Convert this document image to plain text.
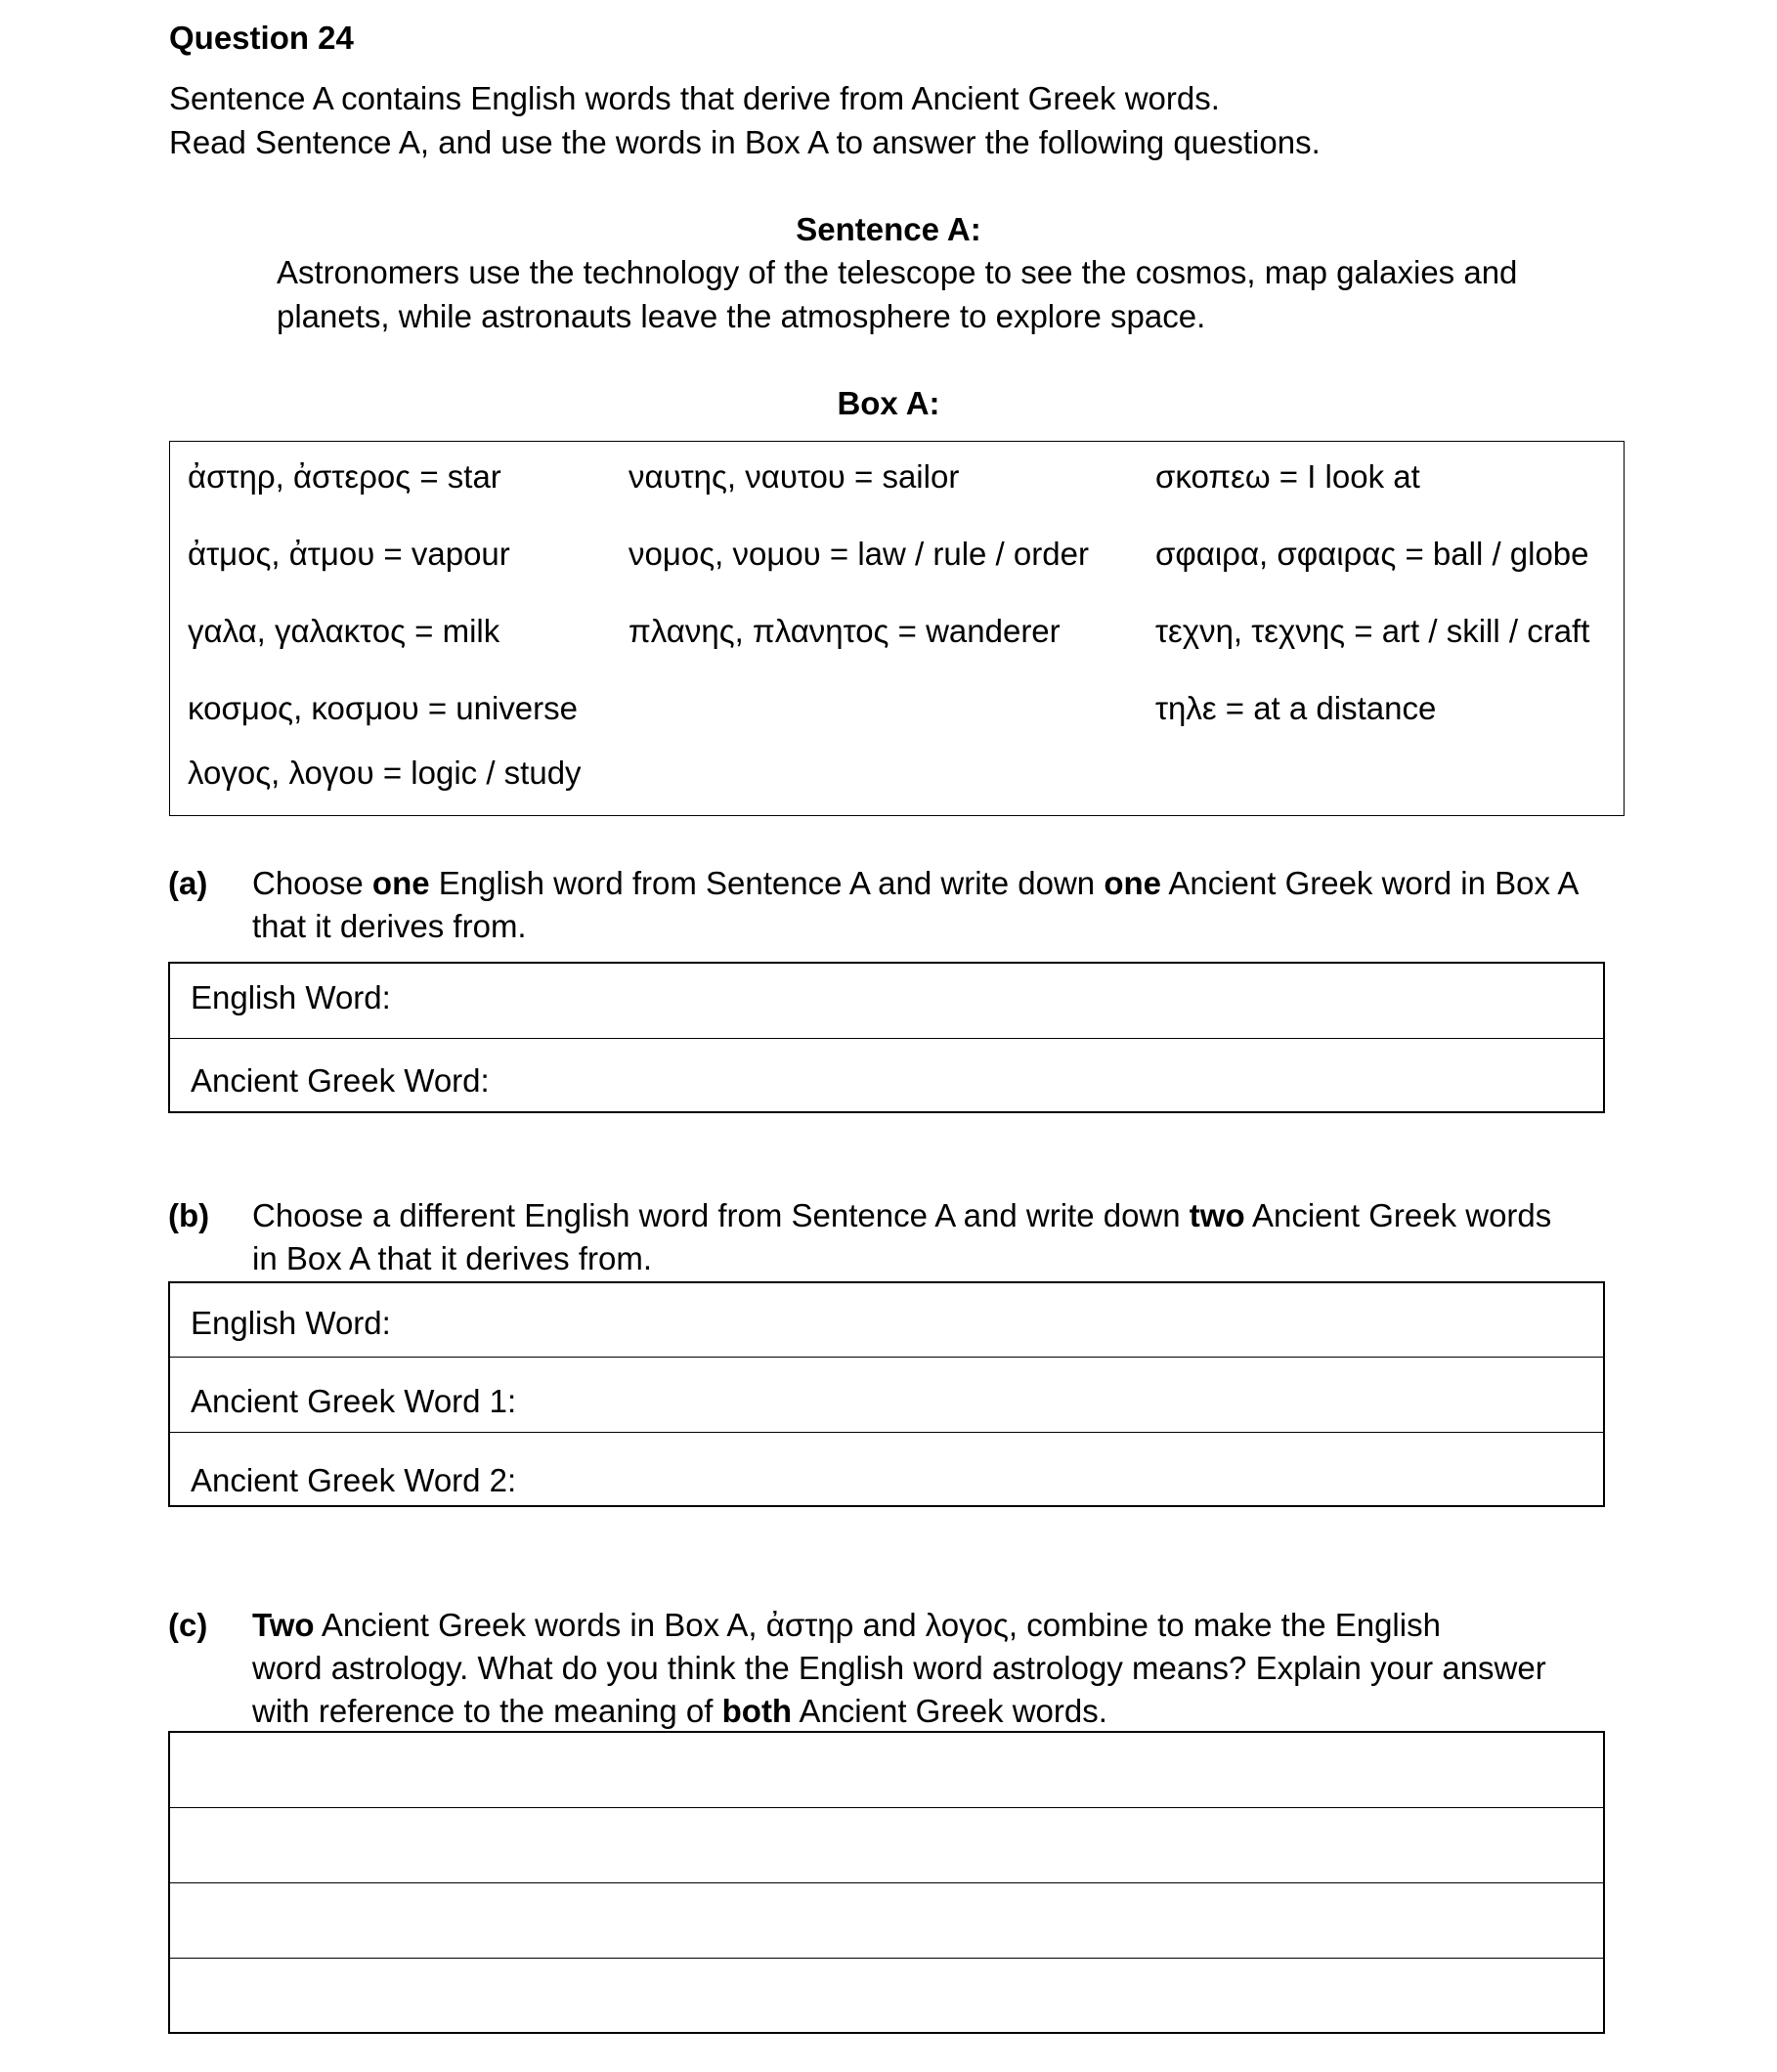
Question 24
Sentence A contains English words that derive from Ancient Greek words.
Read Sentence A, and use the words in Box A to answer the following questions.
Sentence A:
Astronomers use the technology of the telescope to see the cosmos, map galaxies and
planets, while astronauts leave the atmosphere to explore space.
Box A:
ἀστηρ, ἀστερος = star
ἀτμος, ἀτμου = vapour
γαλα, γαλακτος = milk
κοσμος, κοσμου = universe
λογος, λογου = logic / study
ναυτης, ναυτου = sailor
νομος, νομου = law / rule / order
πλανης, πλανητος = wanderer
σκοπεω = I look at
σφαιρα, σφαιρας = ball / globe
τεχνη, τεχνης = art / skill / craft
τηλε = at a distance
(a) Choose one English word from Sentence A and write down one Ancient Greek word in Box A
that it derives from.
English Word:
Ancient Greek Word:
(b) Choose a different English word from Sentence A and write down two Ancient Greek words
in Box A that it derives from.
English Word:
Ancient Greek Word 1:
Ancient Greek Word 2:
(c) Two Ancient Greek words in Box A, ἀστηρ and λογος, combine to make the English
word astrology. What do you think the English word astrology means? Explain your answer
with reference to the meaning of both Ancient Greek words.
